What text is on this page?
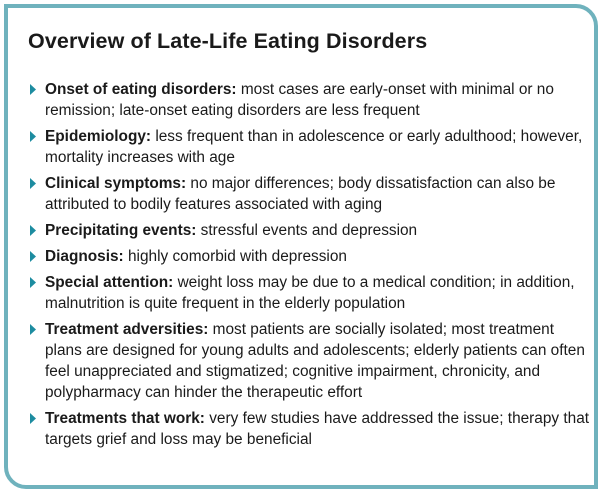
Overview of Late-Life Eating Disorders
Onset of eating disorders: most cases are early-onset with minimal or no remission; late-onset eating disorders are less frequent
Epidemiology: less frequent than in adolescence or early adulthood; however, mortality increases with age
Clinical symptoms: no major differences; body dissatisfaction can also be attributed to bodily features associated with aging
Precipitating events: stressful events and depression
Diagnosis: highly comorbid with depression
Special attention: weight loss may be due to a medical condition; in addition, malnutrition is quite frequent in the elderly population
Treatment adversities: most patients are socially isolated; most treatment plans are designed for young adults and adolescents; elderly patients can often feel unappreciated and stigmatized; cognitive impairment, chronicity, and polypharmacy can hinder the therapeutic effort
Treatments that work: very few studies have addressed the issue; therapy that targets grief and loss may be beneficial
